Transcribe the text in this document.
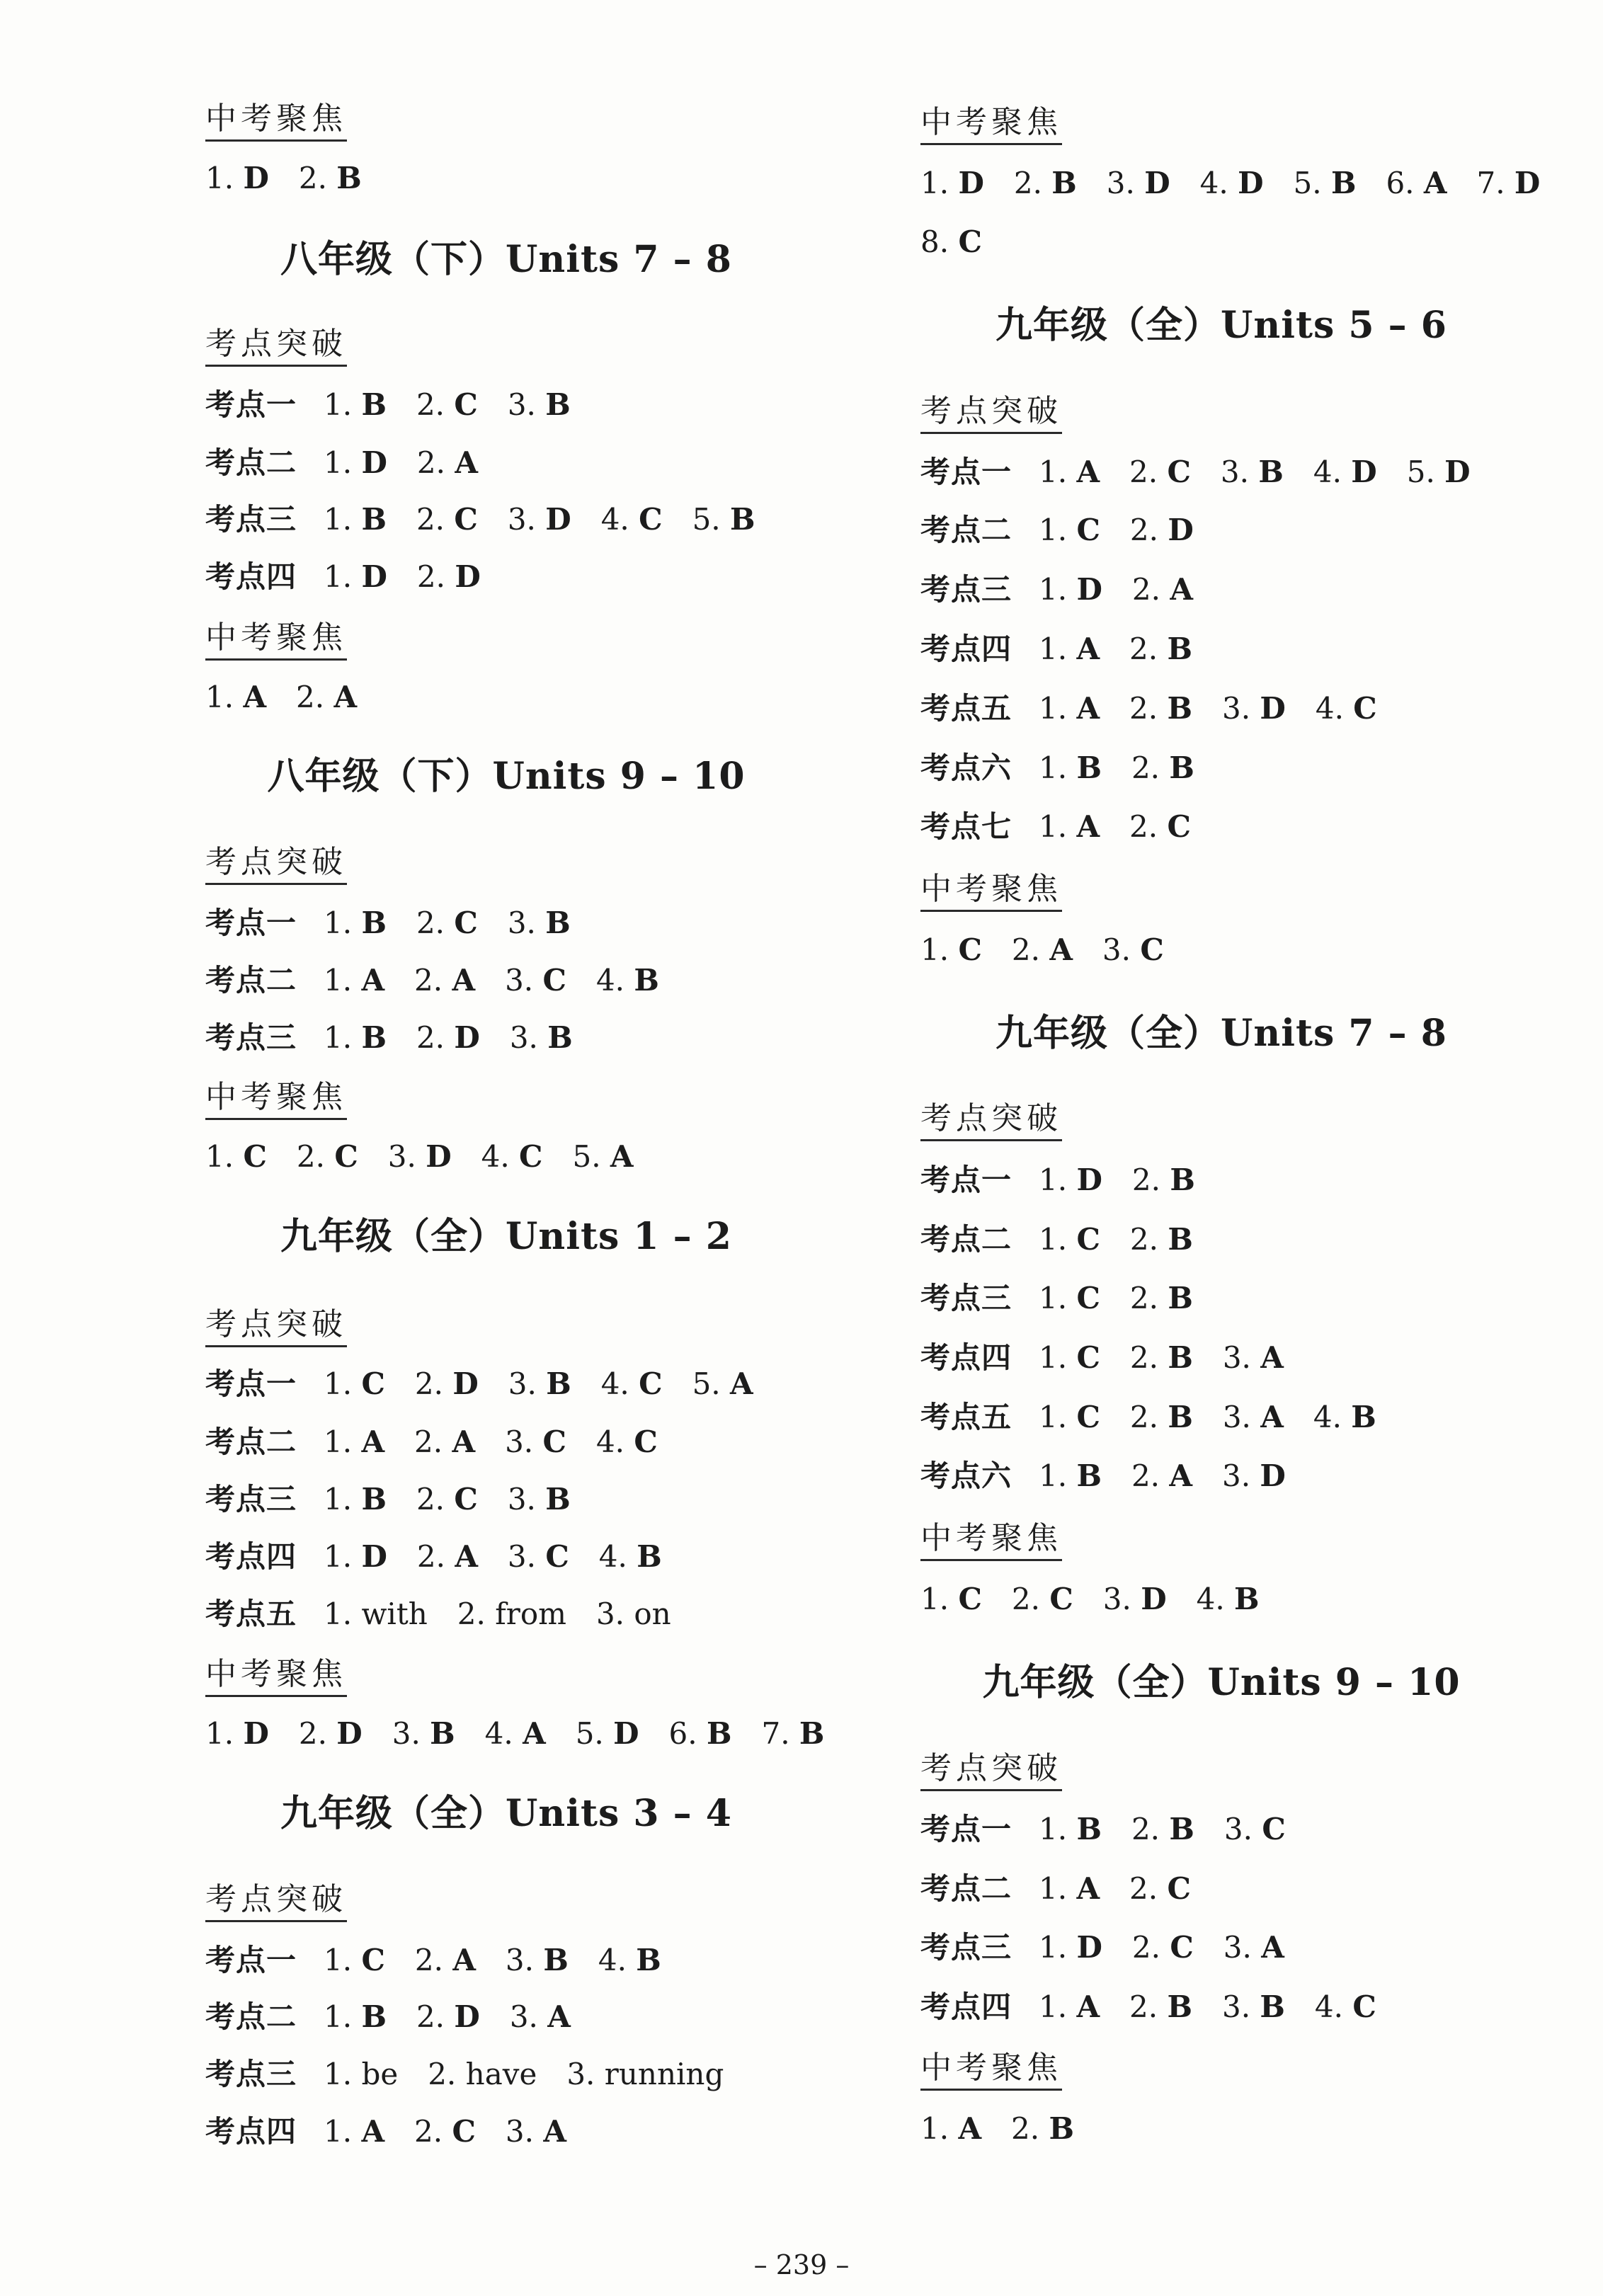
中考聚焦
1. D 2. B
八年级（下）Units 7 – 8
考点突破
考点一 1. B 2. C 3. B
考点二 1. D 2. A
考点三 1. B 2. C 3. D 4. C 5. B
考点四 1. D 2. D
中考聚焦
1. A 2. A
八年级（下）Units 9 – 10
考点突破
考点一 1. B 2. C 3. B
考点二 1. A 2. A 3. C 4. B
考点三 1. B 2. D 3. B
中考聚焦
1. C 2. C 3. D 4. C 5. A
九年级（全）Units 1 – 2
考点突破
考点一 1. C 2. D 3. B 4. C 5. A
考点二 1. A 2. A 3. C 4. C
考点三 1. B 2. C 3. B
考点四 1. D 2. A 3. C 4. B
考点五 1. with 2. from 3. on
中考聚焦
1. D 2. D 3. B 4. A 5. D 6. B 7. B
九年级（全）Units 3 – 4
考点突破
考点一 1. C 2. A 3. B 4. B
考点二 1. B 2. D 3. A
考点三 1. be 2. have 3. running
考点四 1. A 2. C 3. A
中考聚焦
1. D 2. B 3. D 4. D 5. B 6. A 7. D
8. C
九年级（全）Units 5 – 6
考点突破
考点一 1. A 2. C 3. B 4. D 5. D
考点二 1. C 2. D
考点三 1. D 2. A
考点四 1. A 2. B
考点五 1. A 2. B 3. D 4. C
考点六 1. B 2. B
考点七 1. A 2. C
中考聚焦
1. C 2. A 3. C
九年级（全）Units 7 – 8
考点突破
考点一 1. D 2. B
考点二 1. C 2. B
考点三 1. C 2. B
考点四 1. C 2. B 3. A
考点五 1. C 2. B 3. A 4. B
考点六 1. B 2. A 3. D
中考聚焦
1. C 2. C 3. D 4. B
九年级（全）Units 9 – 10
考点突破
考点一 1. B 2. B 3. C
考点二 1. A 2. C
考点三 1. D 2. C 3. A
考点四 1. A 2. B 3. B 4. C
中考聚焦
1. A 2. B
– 239 –
